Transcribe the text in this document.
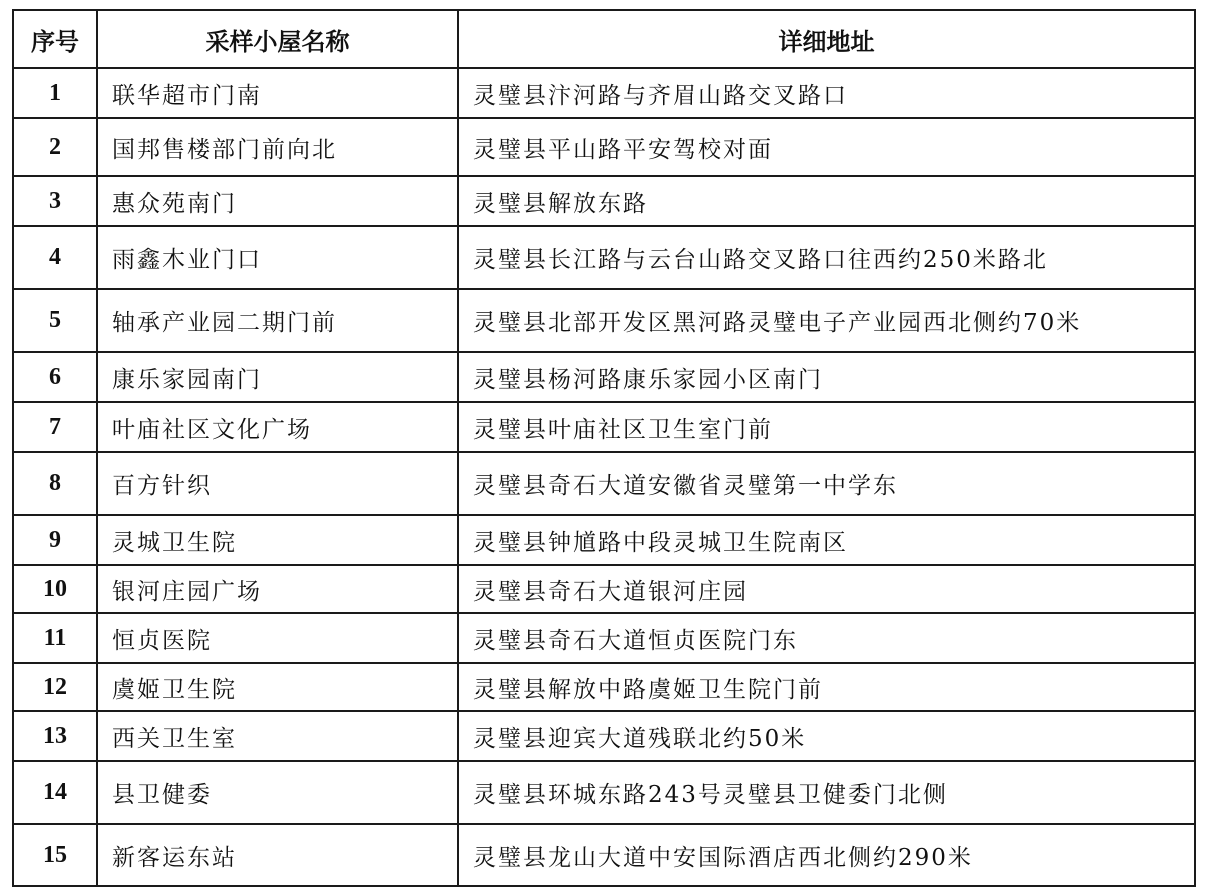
序号	采样小屋名称	详细地址
1	联华超市门南	灵璧县汴河路与齐眉山路交叉路口
2	国邦售楼部门前向北	灵璧县平山路平安驾校对面
3	惠众苑南门	灵璧县解放东路
4	雨鑫木业门口	灵璧县长江路与云台山路交叉路口往西约250米路北
5	轴承产业园二期门前	灵璧县北部开发区黑河路灵璧电子产业园西北侧约70米
6	康乐家园南门	灵璧县杨河路康乐家园小区南门
7	叶庙社区文化广场	灵璧县叶庙社区卫生室门前
8	百方针织	灵璧县奇石大道安徽省灵璧第一中学东
9	灵城卫生院	灵璧县钟馗路中段灵城卫生院南区
10	银河庄园广场	灵璧县奇石大道银河庄园
11	恒贞医院	灵璧县奇石大道恒贞医院门东
12	虞姬卫生院	灵璧县解放中路虞姬卫生院门前
13	西关卫生室	灵璧县迎宾大道残联北约50米
14	县卫健委	灵璧县环城东路243号灵璧县卫健委门北侧
15	新客运东站	灵璧县龙山大道中安国际酒店西北侧约290米
